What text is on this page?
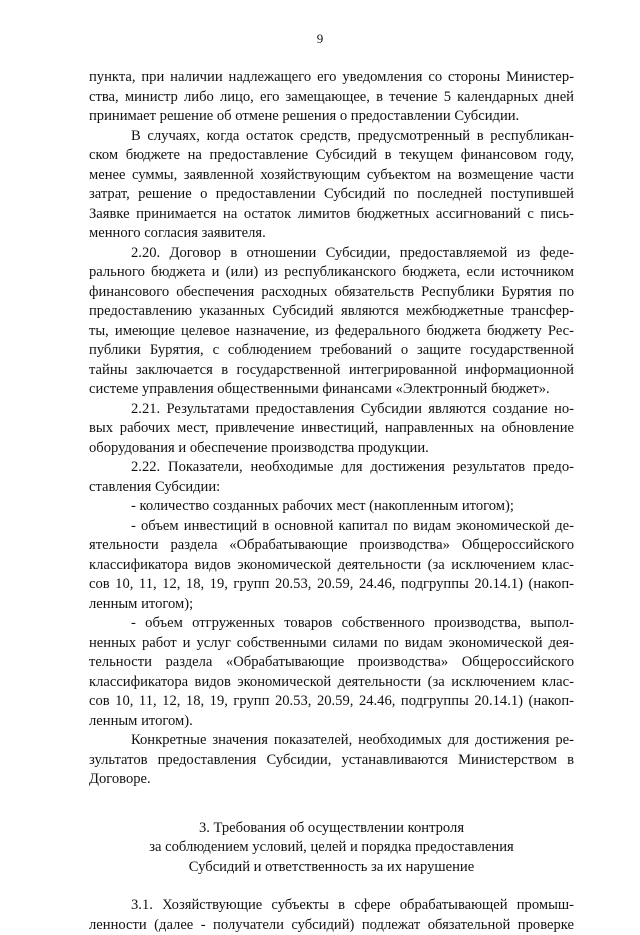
9
пункта, при наличии надлежащего его уведомления со стороны Министер-
ства, министр либо лицо, его замещающее, в течение 5 календарных дней
принимает решение об отмене решения о предоставлении Субсидии.
В случаях, когда остаток средств, предусмотренный в республикан-
ском бюджете на предоставление Субсидий в текущем финансовом году,
менее суммы, заявленной хозяйствующим субъектом на возмещение части
затрат, решение о предоставлении Субсидий по последней поступившей
Заявке принимается на остаток лимитов бюджетных ассигнований с пись-
менного согласия заявителя.
2.20. Договор в отношении Субсидии, предоставляемой из феде-
рального бюджета и (или) из республиканского бюджета, если источником
финансового обеспечения расходных обязательств Республики Бурятия по
предоставлению указанных Субсидий являются межбюджетные трансфер-
ты, имеющие целевое назначение, из федерального бюджета бюджету Рес-
публики Бурятия, с соблюдением требований о защите государственной
тайны заключается в государственной интегрированной информационной
системе управления общественными финансами «Электронный бюджет».
2.21. Результатами предоставления Субсидии являются создание но-
вых рабочих мест, привлечение инвестиций, направленных на обновление
оборудования и обеспечение производства продукции.
2.22. Показатели, необходимые для достижения результатов предо-
ставления Субсидии:
- количество созданных рабочих мест (накопленным итогом);
- объем инвестиций в основной капитал по видам экономической де-
ятельности раздела «Обрабатывающие производства» Общероссийского
классификатора видов экономической деятельности (за исключением клас-
сов 10, 11, 12, 18, 19, групп 20.53, 20.59, 24.46, подгруппы 20.14.1) (накоп-
ленным итогом);
- объем отгруженных товаров собственного производства, выпол-
ненных работ и услуг собственными силами по видам экономической дея-
тельности раздела «Обрабатывающие производства» Общероссийского
классификатора видов экономической деятельности (за исключением клас-
сов 10, 11, 12, 18, 19, групп 20.53, 20.59, 24.46, подгруппы 20.14.1) (накоп-
ленным итогом).
Конкретные значения показателей, необходимых для достижения ре-
зультатов предоставления Субсидии, устанавливаются Министерством в
Договоре.
3. Требования об осуществлении контроля
за соблюдением условий, целей и порядка предоставления
Субсидий и ответственность за их нарушение
3.1. Хозяйствующие субъекты в сфере обрабатывающей промыш-
ленности (далее - получатели субсидий) подлежат обязательной проверке
